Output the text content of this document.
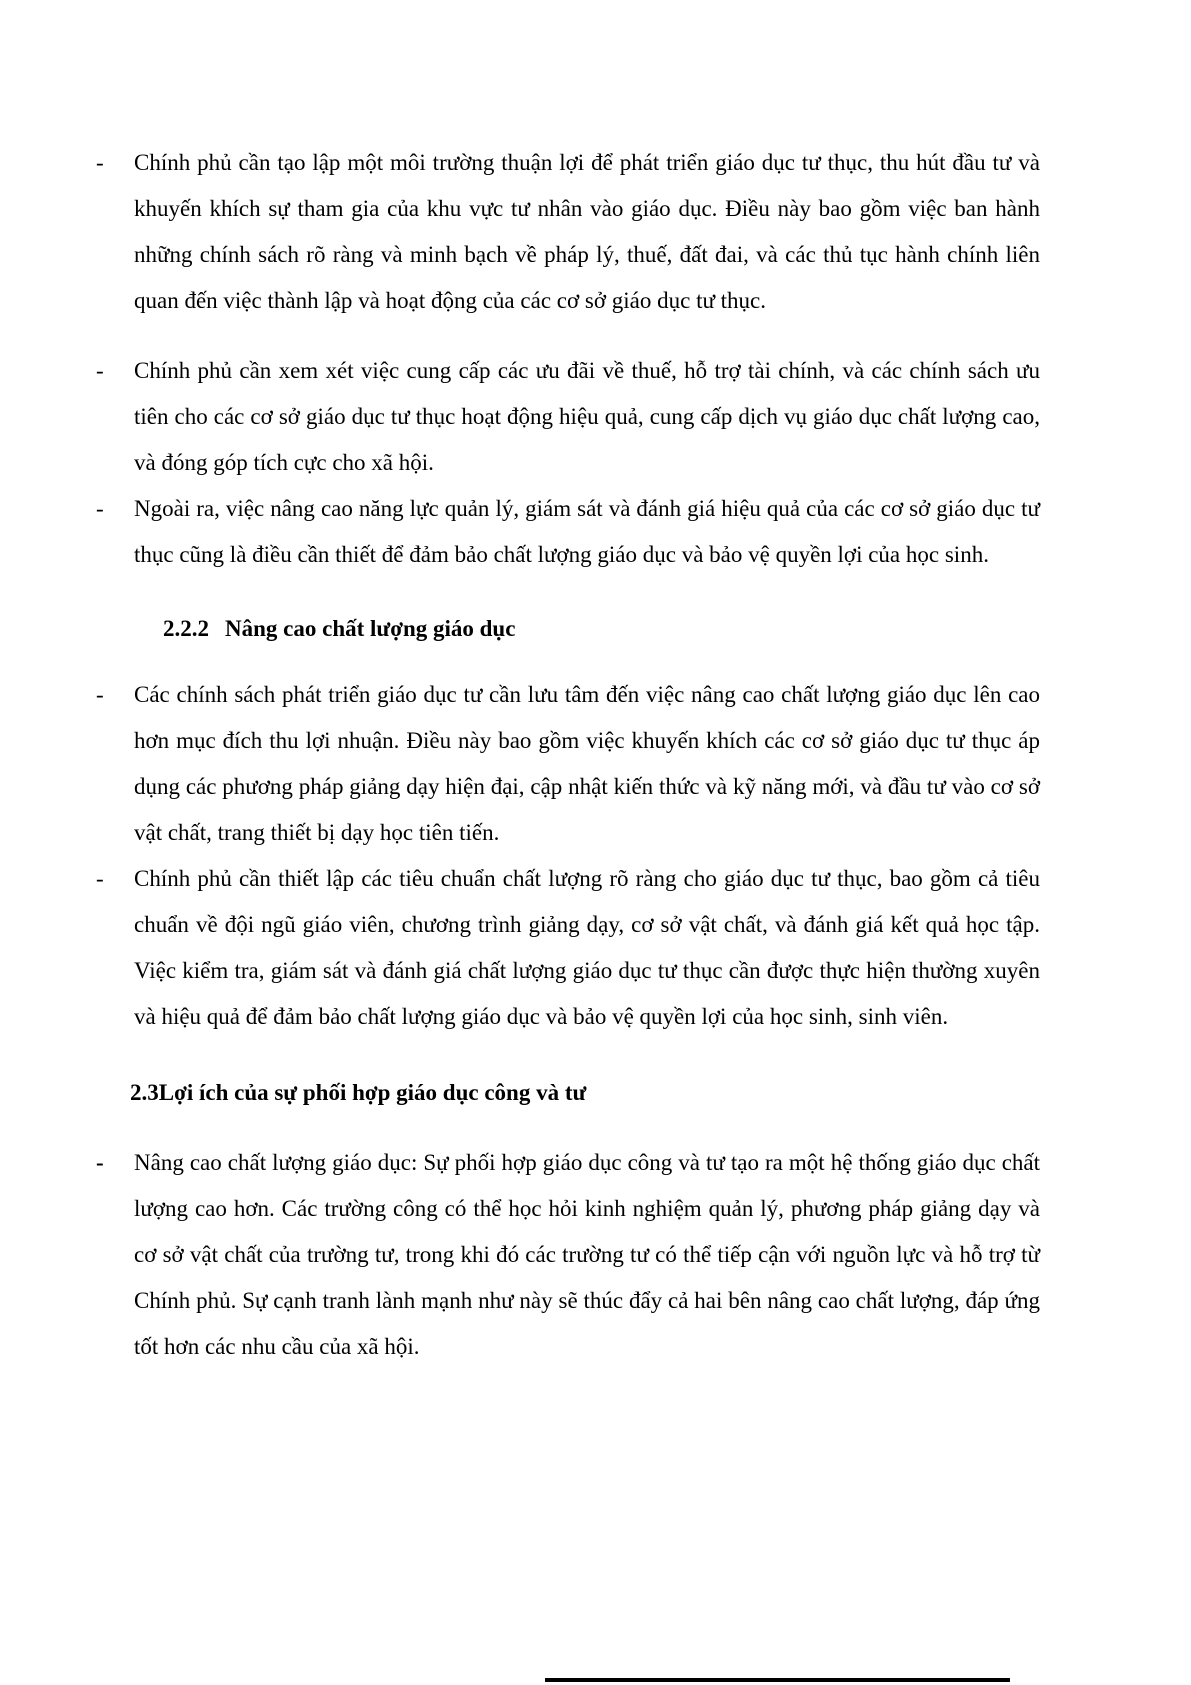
-	Chính phủ cần tạo lập một môi trường thuận lợi để phát triển giáo dục tư thục, thu hút đầu tư và khuyến khích sự tham gia của khu vực tư nhân vào giáo dục. Điều này bao gồm việc ban hành những chính sách rõ ràng và minh bạch về pháp lý, thuế, đất đai, và các thủ tục hành chính liên quan đến việc thành lập và hoạt động của các cơ sở giáo dục tư thục.
-	Chính phủ cần xem xét việc cung cấp các ưu đãi về thuế, hỗ trợ tài chính, và các chính sách ưu tiên cho các cơ sở giáo dục tư thục hoạt động hiệu quả, cung cấp dịch vụ giáo dục chất lượng cao, và đóng góp tích cực cho xã hội.
-	Ngoài ra, việc nâng cao năng lực quản lý, giám sát và đánh giá hiệu quả của các cơ sở giáo dục tư thục cũng là điều cần thiết để đảm bảo chất lượng giáo dục và bảo vệ quyền lợi của học sinh.
2.2.2 Nâng cao chất lượng giáo dục
-	Các chính sách phát triển giáo dục tư cần lưu tâm đến việc nâng cao chất lượng giáo dục lên cao hơn mục đích thu lợi nhuận. Điều này bao gồm việc khuyến khích các cơ sở giáo dục tư thục áp dụng các phương pháp giảng dạy hiện đại, cập nhật kiến thức và kỹ năng mới, và đầu tư vào cơ sở vật chất, trang thiết bị dạy học tiên tiến.
-	Chính phủ cần thiết lập các tiêu chuẩn chất lượng rõ ràng cho giáo dục tư thục, bao gồm cả tiêu chuẩn về đội ngũ giáo viên, chương trình giảng dạy, cơ sở vật chất, và đánh giá kết quả học tập. Việc kiểm tra, giám sát và đánh giá chất lượng giáo dục tư thục cần được thực hiện thường xuyên và hiệu quả để đảm bảo chất lượng giáo dục và bảo vệ quyền lợi của học sinh, sinh viên.
2.3Lợi ích của sự phối hợp giáo dục công và tư
-	Nâng cao chất lượng giáo dục: Sự phối hợp giáo dục công và tư tạo ra một hệ thống giáo dục chất lượng cao hơn. Các trường công có thể học hỏi kinh nghiệm quản lý, phương pháp giảng dạy và cơ sở vật chất của trường tư, trong khi đó các trường tư có thể tiếp cận với nguồn lực và hỗ trợ từ Chính phủ. Sự cạnh tranh lành mạnh như này sẽ thúc đẩy cả hai bên nâng cao chất lượng, đáp ứng tốt hơn các nhu cầu của xã hội.
